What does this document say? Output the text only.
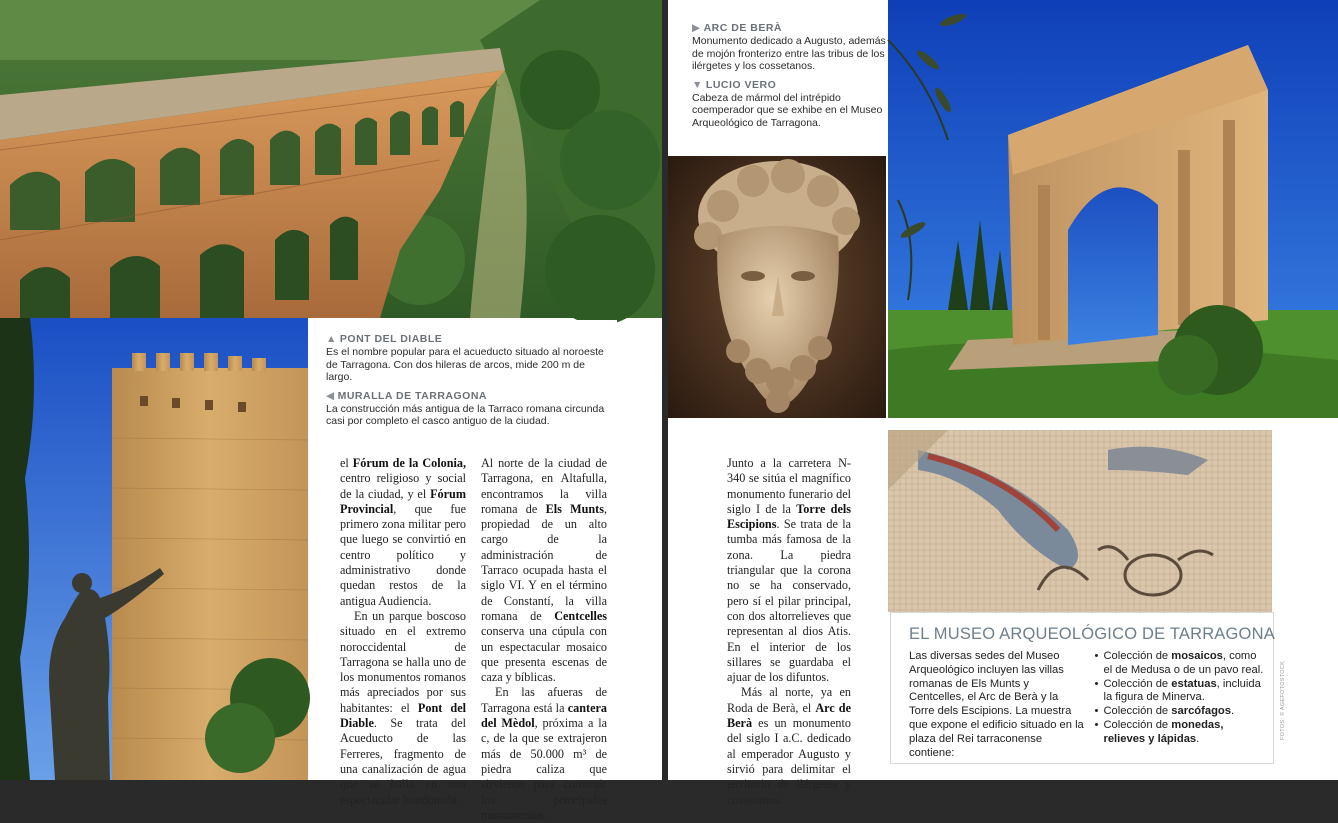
▲ PONT DEL DIABLE
Es el nombre popular para el acueducto situado al noroeste de Tarragona. Con dos hileras de arcos, mide 200 m de largo.
◀ MURALLA DE TARRAGONA
La construcción más antigua de la Tarraco romana circunda casi por completo el casco antiguo de la ciudad.

el Fórum de la Colonia, centro religioso y social de la ciudad, y el Fórum Provincial, que fue primero zona militar pero que luego se convirtió en centro político y administrativo donde quedan restos de la antigua Audiencia.

En un parque boscoso situado en el extremo noroccidental de Tarragona se halla uno de los monumentos romanos más apreciados por sus habitantes: el Pont del Diable. Se trata del Acueducto de las Ferreres, fragmento de una canalización de agua que se halla en una espectacular hondonada.

Al norte de la ciudad de Tarragona, en Altafulla, encontramos la villa romana de Els Munts, propiedad de un alto cargo de la administración de Tarraco ocupada hasta el siglo VI. Y en el término de Constantí, la villa romana de Centcelles conserva una cúpula con un espectacular mosaico que presenta escenas de caza y bíblicas.

En las afueras de Tarragona está la cantera del Mèdol, próxima a la c, de la que se extrajeron más de 50.000 m³ de piedra caliza que sirvieron para construir los principales monumentos.

▶ ARC DE BERÀ
Monumento dedicado a Augusto, además de mojón fronterizo entre las tribus de los ilérgetes y los cossetanos.
▼ LUCIO VERO
Cabeza de mármol del intrépido coemperador que se exhibe en el Museo Arqueológico de Tarragona.

Junto a la carretera N-340 se sitúa el magnífico monumento funerario del siglo I de la Torre dels Escipions. Se trata de la tumba más famosa de la zona. La piedra triangular que la corona no se ha conservado, pero sí el pilar principal, con dos altorrelieves que representan al dios Atis. En el interior de los sillares se guardaba el ajuar de los difuntos.

Más al norte, ya en Roda de Berà, el Arc de Berà es un monumento del siglo I a.C. dedicado al emperador Augusto y sirvió para delimitar el territorio de ilérgetes y cossetanos.

EL MUSEO ARQUEOLÓGICO DE TARRAGONA
Las diversas sedes del Museo Arqueológico incluyen las villas romanas de Els Munts y Centcelles, el Arc de Berà y la Torre dels Escipions. La muestra que expone el edificio situado en la plaza del Rei tarraconense contiene:
• Colección de mosaicos, como el de Medusa o de un pavo real.
• Colección de estatuas, incluida la figura de Minerva.
• Colección de sarcófagos.
• Colección de monedas, relieves y lápidas.	FOTOS: © AGEFOTOSTOCK
